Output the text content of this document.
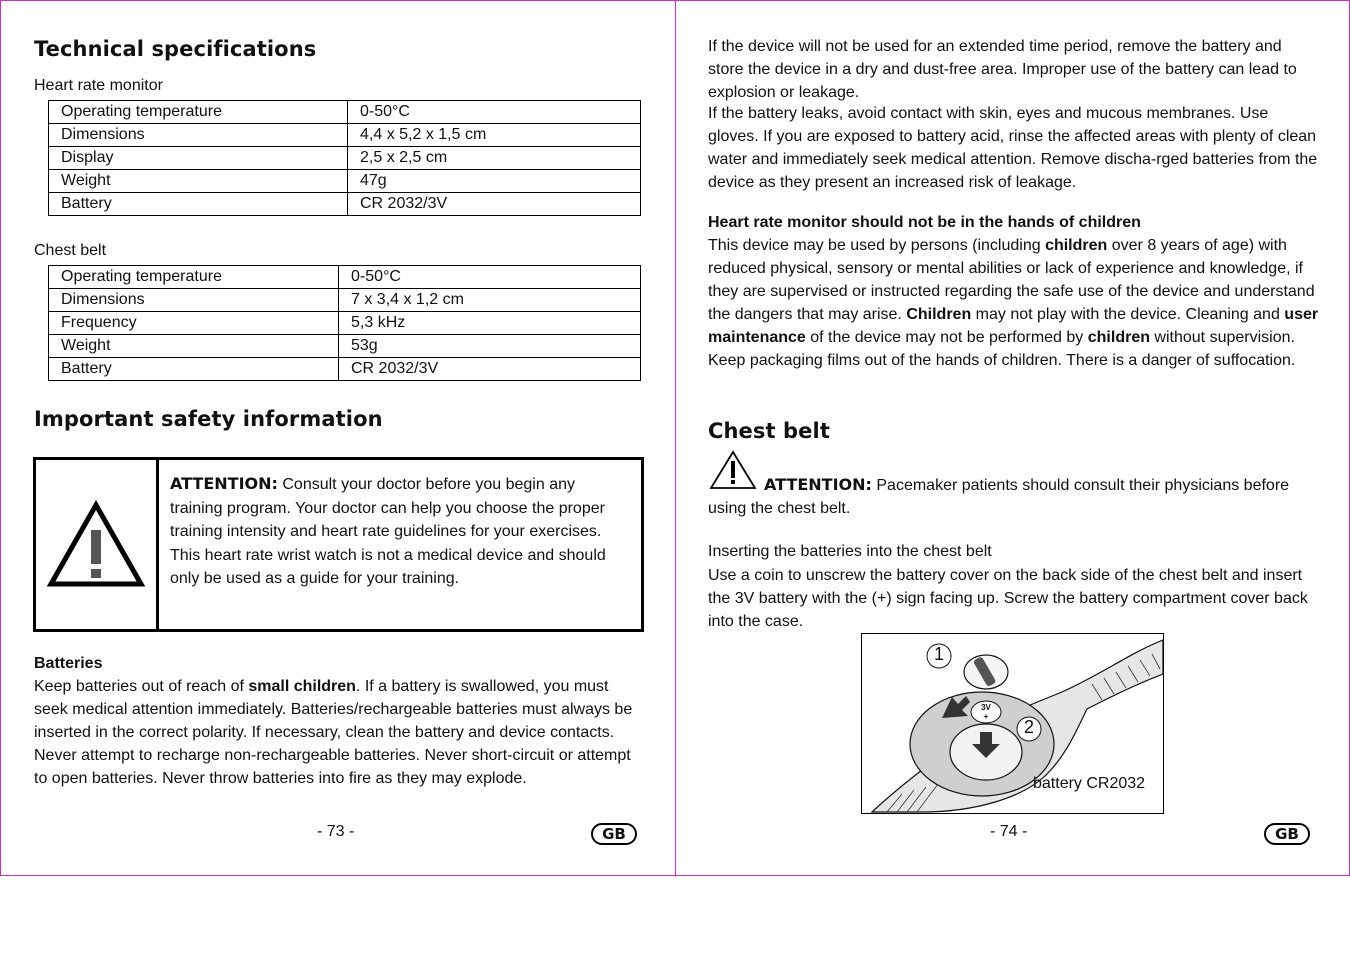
Technical specifications
Heart rate monitor
Operating temperature	0-50°C
Dimensions	4,4 x 5,2 x 1,5 cm
Display	2,5 x 2,5 cm
Weight	47g
Battery	CR 2032/3V
Chest belt
Operating temperature	0-50°C
Dimensions	7 x 3,4 x 1,2 cm
Frequency	5,3 kHz
Weight	53g
Battery	CR 2032/3V
Important safety information
ATTENTION: Consult your doctor before you begin any training program. Your doctor can help you choose the proper training intensity and heart rate guidelines for your exercises.
This heart rate wrist watch is not a medical device and should only be used as a guide for your training.
Batteries
Keep batteries out of reach of small children. If a battery is swallowed, you must seek medical attention immediately. Batteries/rechargeable batteries must always be inserted in the correct polarity. If necessary, clean the battery and device contacts. Never attempt to recharge non-rechargeable batteries. Never short-circuit or attempt to open batteries. Never throw batteries into fire as they may explode.
- 73 -	GB
If the device will not be used for an extended time period, remove the battery and store the device in a dry and dust-free area. Improper use of the battery can lead to explosion or leakage.
If the battery leaks, avoid contact with skin, eyes and mucous membranes. Use gloves. If you are exposed to battery acid, rinse the affected areas with plenty of clean water and immediately seek medical attention. Remove discha-rged batteries from the device as they present an increased risk of leakage.
Heart rate monitor should not be in the hands of children
This device may be used by persons (including children over 8 years of age) with reduced physical, sensory or mental abilities or lack of experience and knowledge, if they are supervised or instructed regarding the safe use of the device and understand the dangers that may arise. Children may not play with the device. Cleaning and user maintenance of the device may not be performed by children without supervision. Keep packaging films out of the hands of children. There is a danger of suffocation.
Chest belt
ATTENTION: Pacemaker patients should consult their physicians before using the chest belt.
Inserting the batteries into the chest belt
Use a coin to unscrew the battery cover on the back side of the chest belt and insert the 3V battery with the (+) sign facing up. Screw the battery compartment cover back into the case.
1
2
3V
+
battery CR2032
- 74 -	GB
